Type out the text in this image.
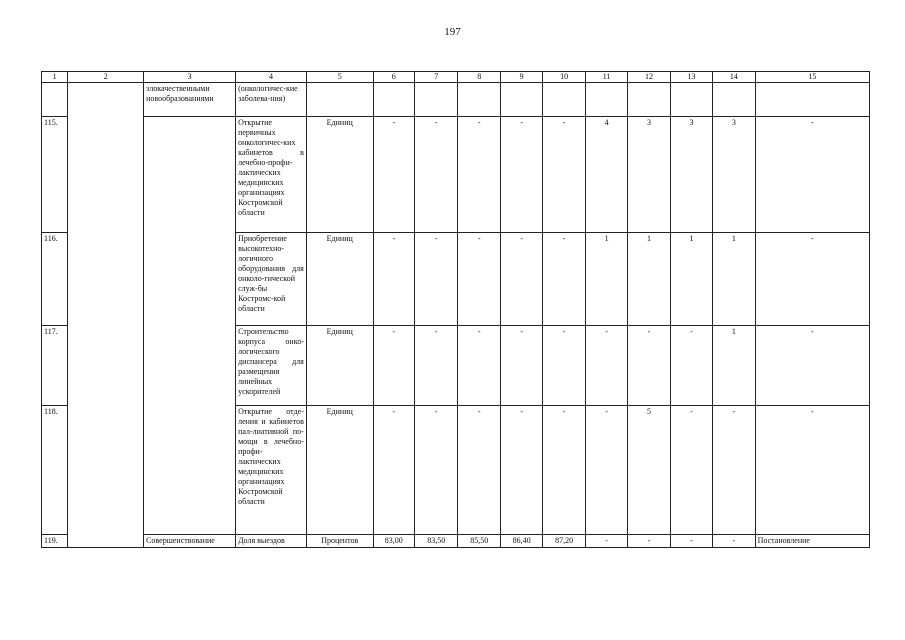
197
1	2	3	4	5	6	7	8	9	10	11	12	13	14	15
		злокачественными новообразованиями	(онкологичес-кие заболева-ния)											
115.			Открытие первичных онкологичес-ких кабинетов в лечебно-профи-лактических медицинских организациях Костромской области	Единиц	-	-	-	-	-	4	3	3	3	-
116.			Приобретение высокотехно-логичного оборудования для онколо-гической служ-бы Костромс-кой области	Единиц	-	-	-	-	-	1	1	1	1	-
117.			Строительство корпуса онко-логического диспансера для размещения линейных ускорителей	Единиц	-	-	-	-	-	-	-	-	1	-
118.			Открытие отде-ления и кабинетов пал-лиативной по-мощи в лечебно-профи-лактических медицинских организациях Костромской области	Единиц	-	-	-	-	-	-	5	-	-	-
119.		Совершенствование	Доля выездов	Процентов	83,00	83,50	85,50	86,40	87,20	-	-	-	-	Постановление
